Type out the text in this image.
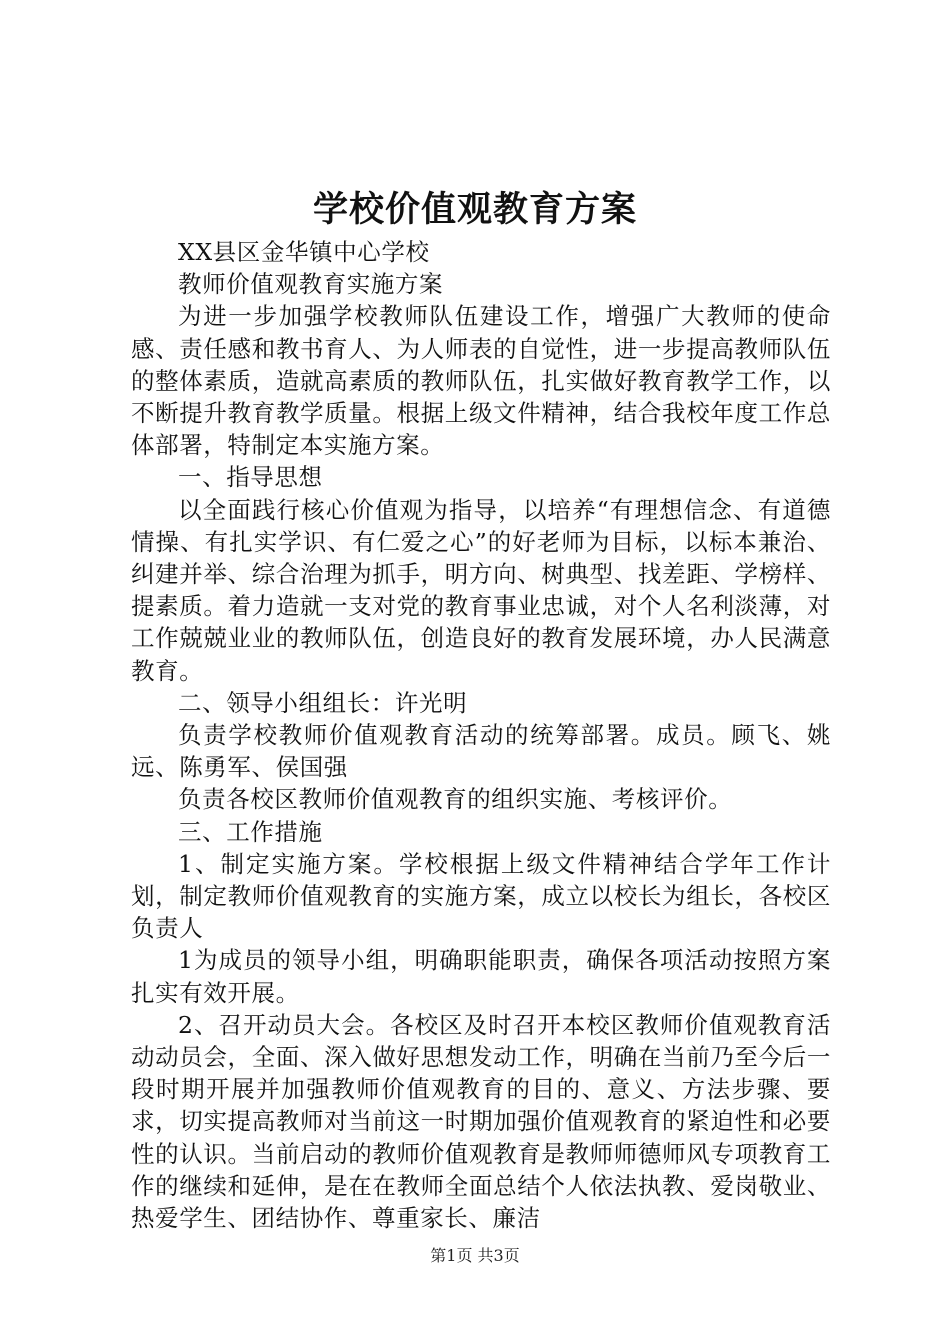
学校价值观教育方案

XX县区金华镇中心学校

教师价值观教育实施方案

为进一步加强学校教师队伍建设工作，增强广大教师的使命感、责任感和教书育人、为人师表的自觉性，进一步提高教师队伍的整体素质，造就高素质的教师队伍，扎实做好教育教学工作，以不断提升教育教学质量。根据上级文件精神，结合我校年度工作总体部署，特制定本实施方案。

一、指导思想

以全面践行核心价值观为指导，以培养“有理想信念、有道德情操、有扎实学识、有仁爱之心”的好老师为目标，以标本兼治、纠建并举、综合治理为抓手，明方向、树典型、找差距、学榜样、提素质。着力造就一支对党的教育事业忠诚，对个人名利淡薄，对工作兢兢业业的教师队伍，创造良好的教育发展环境，办人民满意教育。

二、领导小组组长：许光明

负责学校教师价值观教育活动的统筹部署。成员。顾飞、姚远、陈勇军、侯国强

负责各校区教师价值观教育的组织实施、考核评价。

三、工作措施

1、制定实施方案。学校根据上级文件精神结合学年工作计划，制定教师价值观教育的实施方案，成立以校长为组长，各校区负责人

1为成员的领导小组，明确职能职责，确保各项活动按照方案扎实有效开展。

2、召开动员大会。各校区及时召开本校区教师价值观教育活动动员会，全面、深入做好思想发动工作，明确在当前乃至今后一段时期开展并加强教师价值观教育的目的、意义、方法步骤、要求，切实提高教师对当前这一时期加强价值观教育的紧迫性和必要性的认识。当前启动的教师价值观教育是教师师德师风专项教育工作的继续和延伸，是在在教师全面总结个人依法执教、爱岗敬业、热爱学生、团结协作、尊重家长、廉洁

第1页 共3页
